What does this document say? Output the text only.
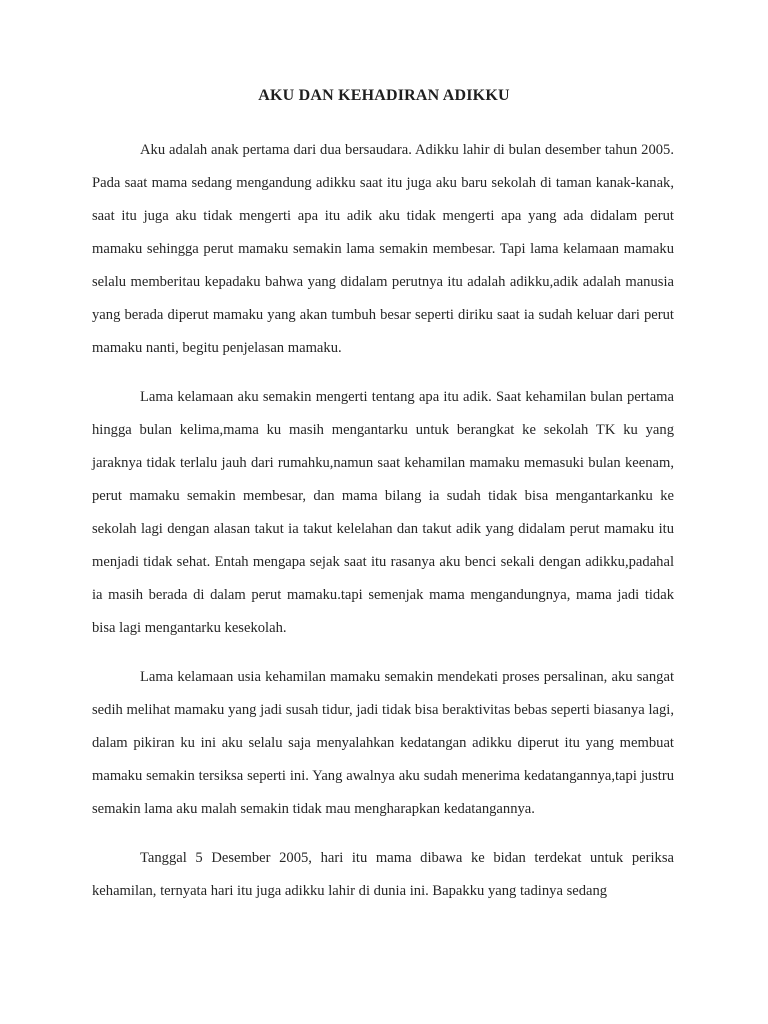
AKU DAN KEHADIRAN ADIKKU

Aku adalah anak pertama dari dua bersaudara. Adikku lahir di bulan desember tahun 2005. Pada saat mama sedang mengandung adikku saat itu juga aku baru sekolah di taman kanak-kanak, saat itu juga aku tidak mengerti apa itu adik aku tidak mengerti apa yang ada didalam perut mamaku sehingga perut mamaku semakin lama semakin membesar. Tapi lama kelamaan mamaku selalu memberitau kepadaku bahwa yang didalam perutnya itu adalah adikku,adik adalah manusia yang berada diperut mamaku yang akan tumbuh besar seperti diriku saat ia sudah keluar dari perut mamaku nanti, begitu penjelasan mamaku.

Lama kelamaan aku semakin mengerti tentang apa itu adik. Saat kehamilan bulan pertama hingga bulan kelima,mama ku masih mengantarku untuk berangkat ke sekolah TK ku yang jaraknya tidak terlalu jauh dari rumahku,namun saat kehamilan mamaku memasuki bulan keenam, perut mamaku semakin membesar, dan mama bilang ia sudah tidak bisa mengantarkanku ke sekolah lagi dengan alasan takut ia takut kelelahan dan takut adik yang didalam perut mamaku itu menjadi tidak sehat. Entah mengapa sejak saat itu rasanya aku benci sekali dengan adikku,padahal ia masih berada di dalam perut mamaku.tapi semenjak mama mengandungnya, mama jadi tidak bisa lagi mengantarku kesekolah.

Lama kelamaan usia kehamilan mamaku semakin mendekati proses persalinan, aku sangat sedih melihat mamaku yang jadi susah tidur, jadi tidak bisa beraktivitas bebas seperti biasanya lagi, dalam pikiran ku ini aku selalu saja menyalahkan kedatangan adikku diperut itu yang membuat mamaku semakin tersiksa seperti ini. Yang awalnya aku sudah menerima kedatangannya,tapi justru semakin lama aku malah semakin tidak mau mengharapkan kedatangannya.

Tanggal 5 Desember 2005, hari itu mama dibawa ke bidan terdekat untuk periksa kehamilan, ternyata hari itu juga adikku lahir di dunia ini. Bapakku yang tadinya sedang
